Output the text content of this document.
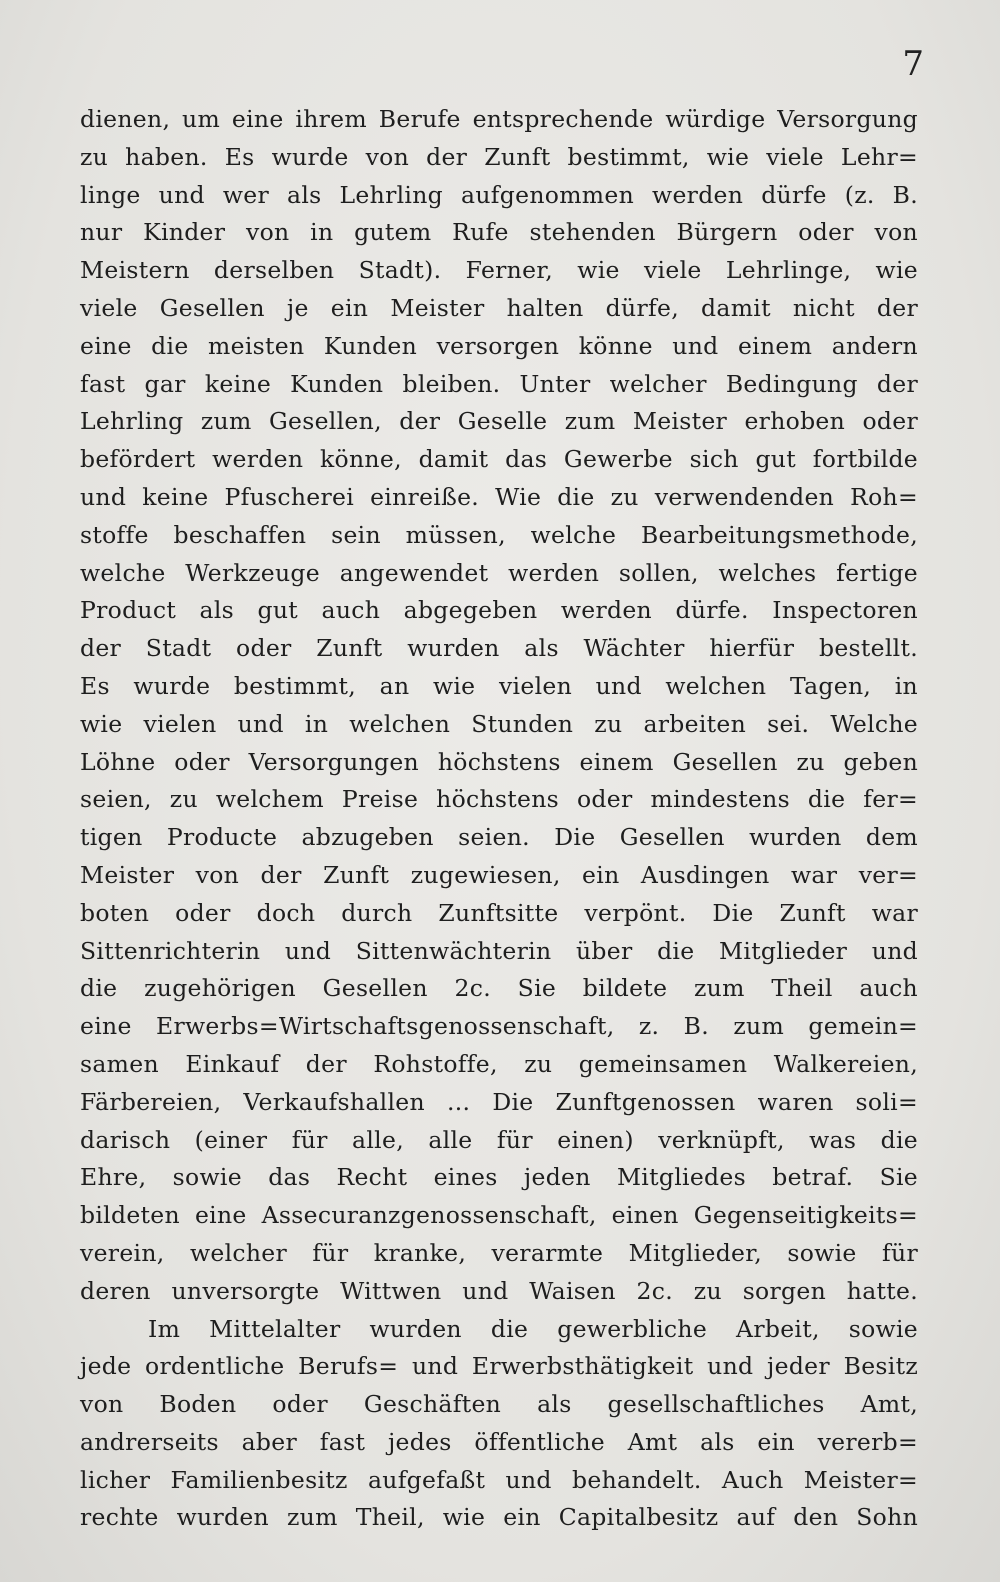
7
dienen, um eine ihrem Berufe entsprechende würdige Versorgung
zu haben. Es wurde von der Zunft bestimmt, wie viele Lehr=
linge und wer als Lehrling aufgenommen werden dürfe (z. B.
nur Kinder von in gutem Rufe stehenden Bürgern oder von
Meistern derselben Stadt). Ferner, wie viele Lehrlinge, wie
viele Gesellen je ein Meister halten dürfe, damit nicht der
eine die meisten Kunden versorgen könne und einem andern
fast gar keine Kunden bleiben. Unter welcher Bedingung der
Lehrling zum Gesellen, der Geselle zum Meister erhoben oder
befördert werden könne, damit das Gewerbe sich gut fortbilde
und keine Pfuscherei einreiße. Wie die zu verwendenden Roh=
stoffe beschaffen sein müssen, welche Bearbeitungsmethode,
welche Werkzeuge angewendet werden sollen, welches fertige
Product als gut auch abgegeben werden dürfe. Inspectoren
der Stadt oder Zunft wurden als Wächter hierfür bestellt.
Es wurde bestimmt, an wie vielen und welchen Tagen, in
wie vielen und in welchen Stunden zu arbeiten sei. Welche
Löhne oder Versorgungen höchstens einem Gesellen zu geben
seien, zu welchem Preise höchstens oder mindestens die fer=
tigen Producte abzugeben seien. Die Gesellen wurden dem
Meister von der Zunft zugewiesen, ein Ausdingen war ver=
boten oder doch durch Zunftsitte verpönt. Die Zunft war
Sittenrichterin und Sittenwächterin über die Mitglieder und
die zugehörigen Gesellen 2c. Sie bildete zum Theil auch
eine Erwerbs=Wirtschaftsgenossenschaft, z. B. zum gemein=
samen Einkauf der Rohstoffe, zu gemeinsamen Walkereien,
Färbereien, Verkaufshallen ... Die Zunftgenossen waren soli=
darisch (einer für alle, alle für einen) verknüpft, was die
Ehre, sowie das Recht eines jeden Mitgliedes betraf. Sie
bildeten eine Assecuranzgenossenschaft, einen Gegenseitigkeits=
verein, welcher für kranke, verarmte Mitglieder, sowie für
deren unversorgte Wittwen und Waisen 2c. zu sorgen hatte.
Im Mittelalter wurden die gewerbliche Arbeit, sowie
jede ordentliche Berufs= und Erwerbsthätigkeit und jeder Besitz
von Boden oder Geschäften als gesellschaftliches Amt,
andrerseits aber fast jedes öffentliche Amt als ein vererb=
licher Familienbesitz aufgefaßt und behandelt. Auch Meister=
rechte wurden zum Theil, wie ein Capitalbesitz auf den Sohn
